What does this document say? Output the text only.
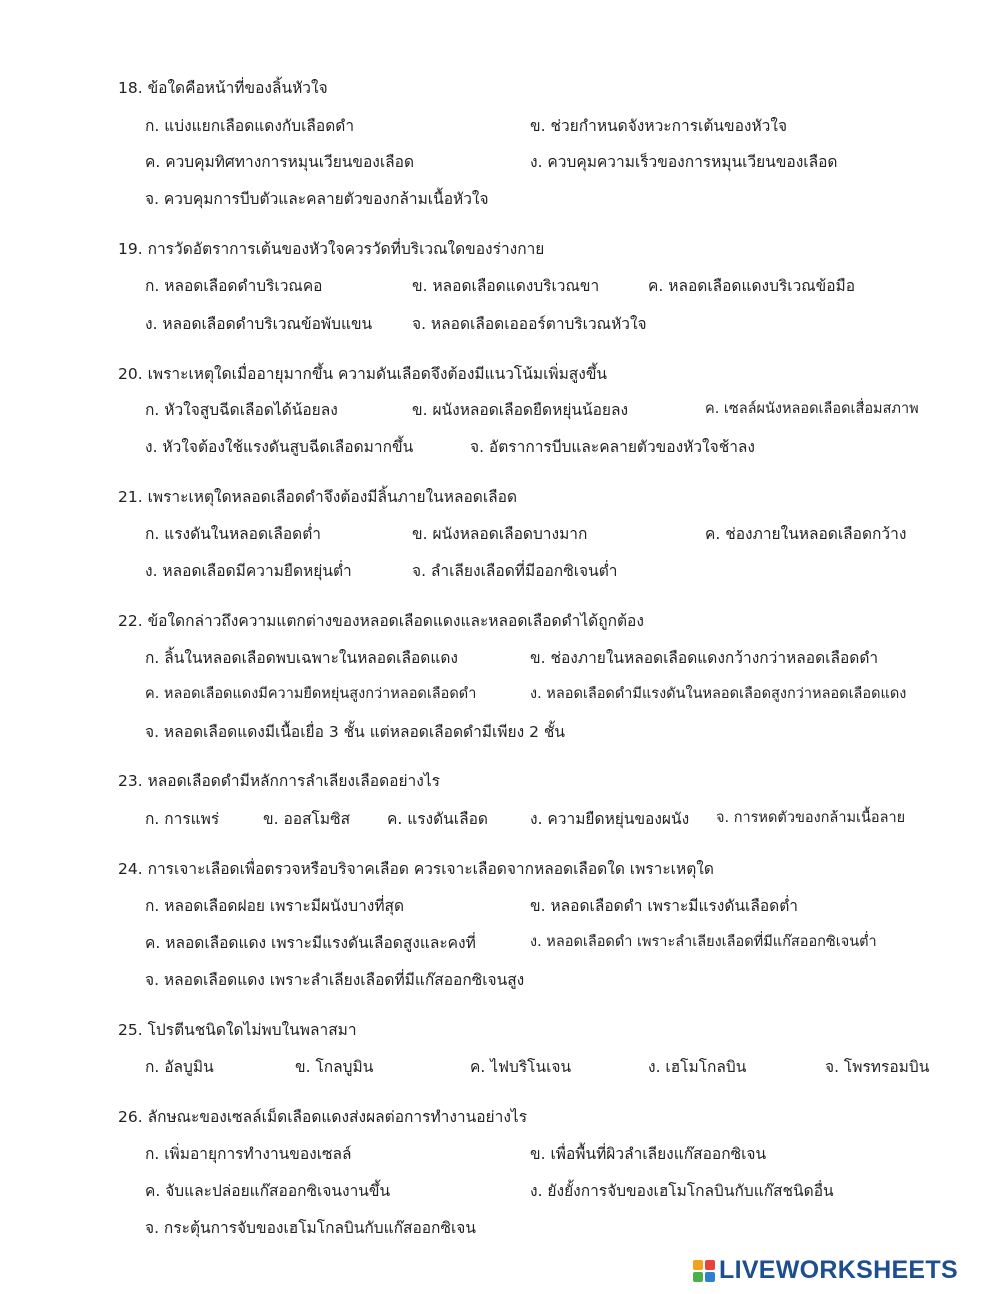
18. ข้อใดคือหน้าที่ของลิ้นหัวใจ
ก. แบ่งแยกเลือดแดงกับเลือดดำ	ข. ช่วยกำหนดจังหวะการเต้นของหัวใจ
ค. ควบคุมทิศทางการหมุนเวียนของเลือด	ง. ควบคุมความเร็วของการหมุนเวียนของเลือด
จ. ควบคุมการบีบตัวและคลายตัวของกล้ามเนื้อหัวใจ
19. การวัดอัตราการเต้นของหัวใจควรวัดที่บริเวณใดของร่างกาย
ก. หลอดเลือดดำบริเวณคอ	ข. หลอดเลือดแดงบริเวณขา	ค. หลอดเลือดแดงบริเวณข้อมือ
ง. หลอดเลือดดำบริเวณข้อพับแขน	จ. หลอดเลือดเอออร์ตาบริเวณหัวใจ
20. เพราะเหตุใดเมื่ออายุมากขึ้น ความดันเลือดจึงต้องมีแนวโน้มเพิ่มสูงขึ้น
ก. หัวใจสูบฉีดเลือดได้น้อยลง	ข. ผนังหลอดเลือดยืดหยุ่นน้อยลง	ค. เซลล์ผนังหลอดเลือดเสื่อมสภาพ
ง. หัวใจต้องใช้แรงดันสูบฉีดเลือดมากขึ้น	จ. อัตราการบีบและคลายตัวของหัวใจช้าลง
21. เพราะเหตุใดหลอดเลือดดำจึงต้องมีลิ้นภายในหลอดเลือด
ก. แรงดันในหลอดเลือดต่ำ	ข. ผนังหลอดเลือดบางมาก	ค. ช่องภายในหลอดเลือดกว้าง
ง. หลอดเลือดมีความยืดหยุ่นต่ำ	จ. ลำเลียงเลือดที่มีออกซิเจนต่ำ
22. ข้อใดกล่าวถึงความแตกต่างของหลอดเลือดแดงและหลอดเลือดดำได้ถูกต้อง
ก. ลิ้นในหลอดเลือดพบเฉพาะในหลอดเลือดแดง	ข. ช่องภายในหลอดเลือดแดงกว้างกว่าหลอดเลือดดำ
ค. หลอดเลือดแดงมีความยืดหยุ่นสูงกว่าหลอดเลือดดำ	ง. หลอดเลือดดำมีแรงดันในหลอดเลือดสูงกว่าหลอดเลือดแดง
จ. หลอดเลือดแดงมีเนื้อเยื่อ 3 ชั้น แต่หลอดเลือดดำมีเพียง 2 ชั้น
23. หลอดเลือดดำมีหลักการลำเลียงเลือดอย่างไร
ก. การแพร่	ข. ออสโมซิส ค. แรงดันเลือด	ง. ความยืดหยุ่นของผนัง จ. การหดตัวของกล้ามเนื้อลาย
24. การเจาะเลือดเพื่อตรวจหรือบริจาคเลือด ควรเจาะเลือดจากหลอดเลือดใด เพราะเหตุใด
ก. หลอดเลือดฝอย เพราะมีผนังบางที่สุด	ข. หลอดเลือดดำ เพราะมีแรงดันเลือดต่ำ
ค. หลอดเลือดแดง เพราะมีแรงดันเลือดสูงและคงที่	ง. หลอดเลือดดำ เพราะลำเลียงเลือดที่มีแก๊สออกซิเจนต่ำ
จ. หลอดเลือดแดง เพราะลำเลียงเลือดที่มีแก๊สออกซิเจนสูง
25. โปรตีนชนิดใดไม่พบในพลาสมา
ก. อัลบูมิน	ข. โกลบูมิน	ค. ไฟบริโนเจน	ง. เฮโมโกลบิน	จ. โพรทรอมบิน
26. ลักษณะของเซลล์เม็ดเลือดแดงส่งผลต่อการทำงานอย่างไร
ก. เพิ่มอายุการทำงานของเซลล์	ข. เพื่อพื้นที่ผิวลำเลียงแก๊สออกซิเจน
ค. จับและปล่อยแก๊สออกซิเจนงานขึ้น	ง. ยังยั้งการจับของเฮโมโกลบินกับแก๊สชนิดอื่น
จ. กระตุ้นการจับของเฮโมโกลบินกับแก๊สออกซิเจน
LIVEWORKSHEETS
